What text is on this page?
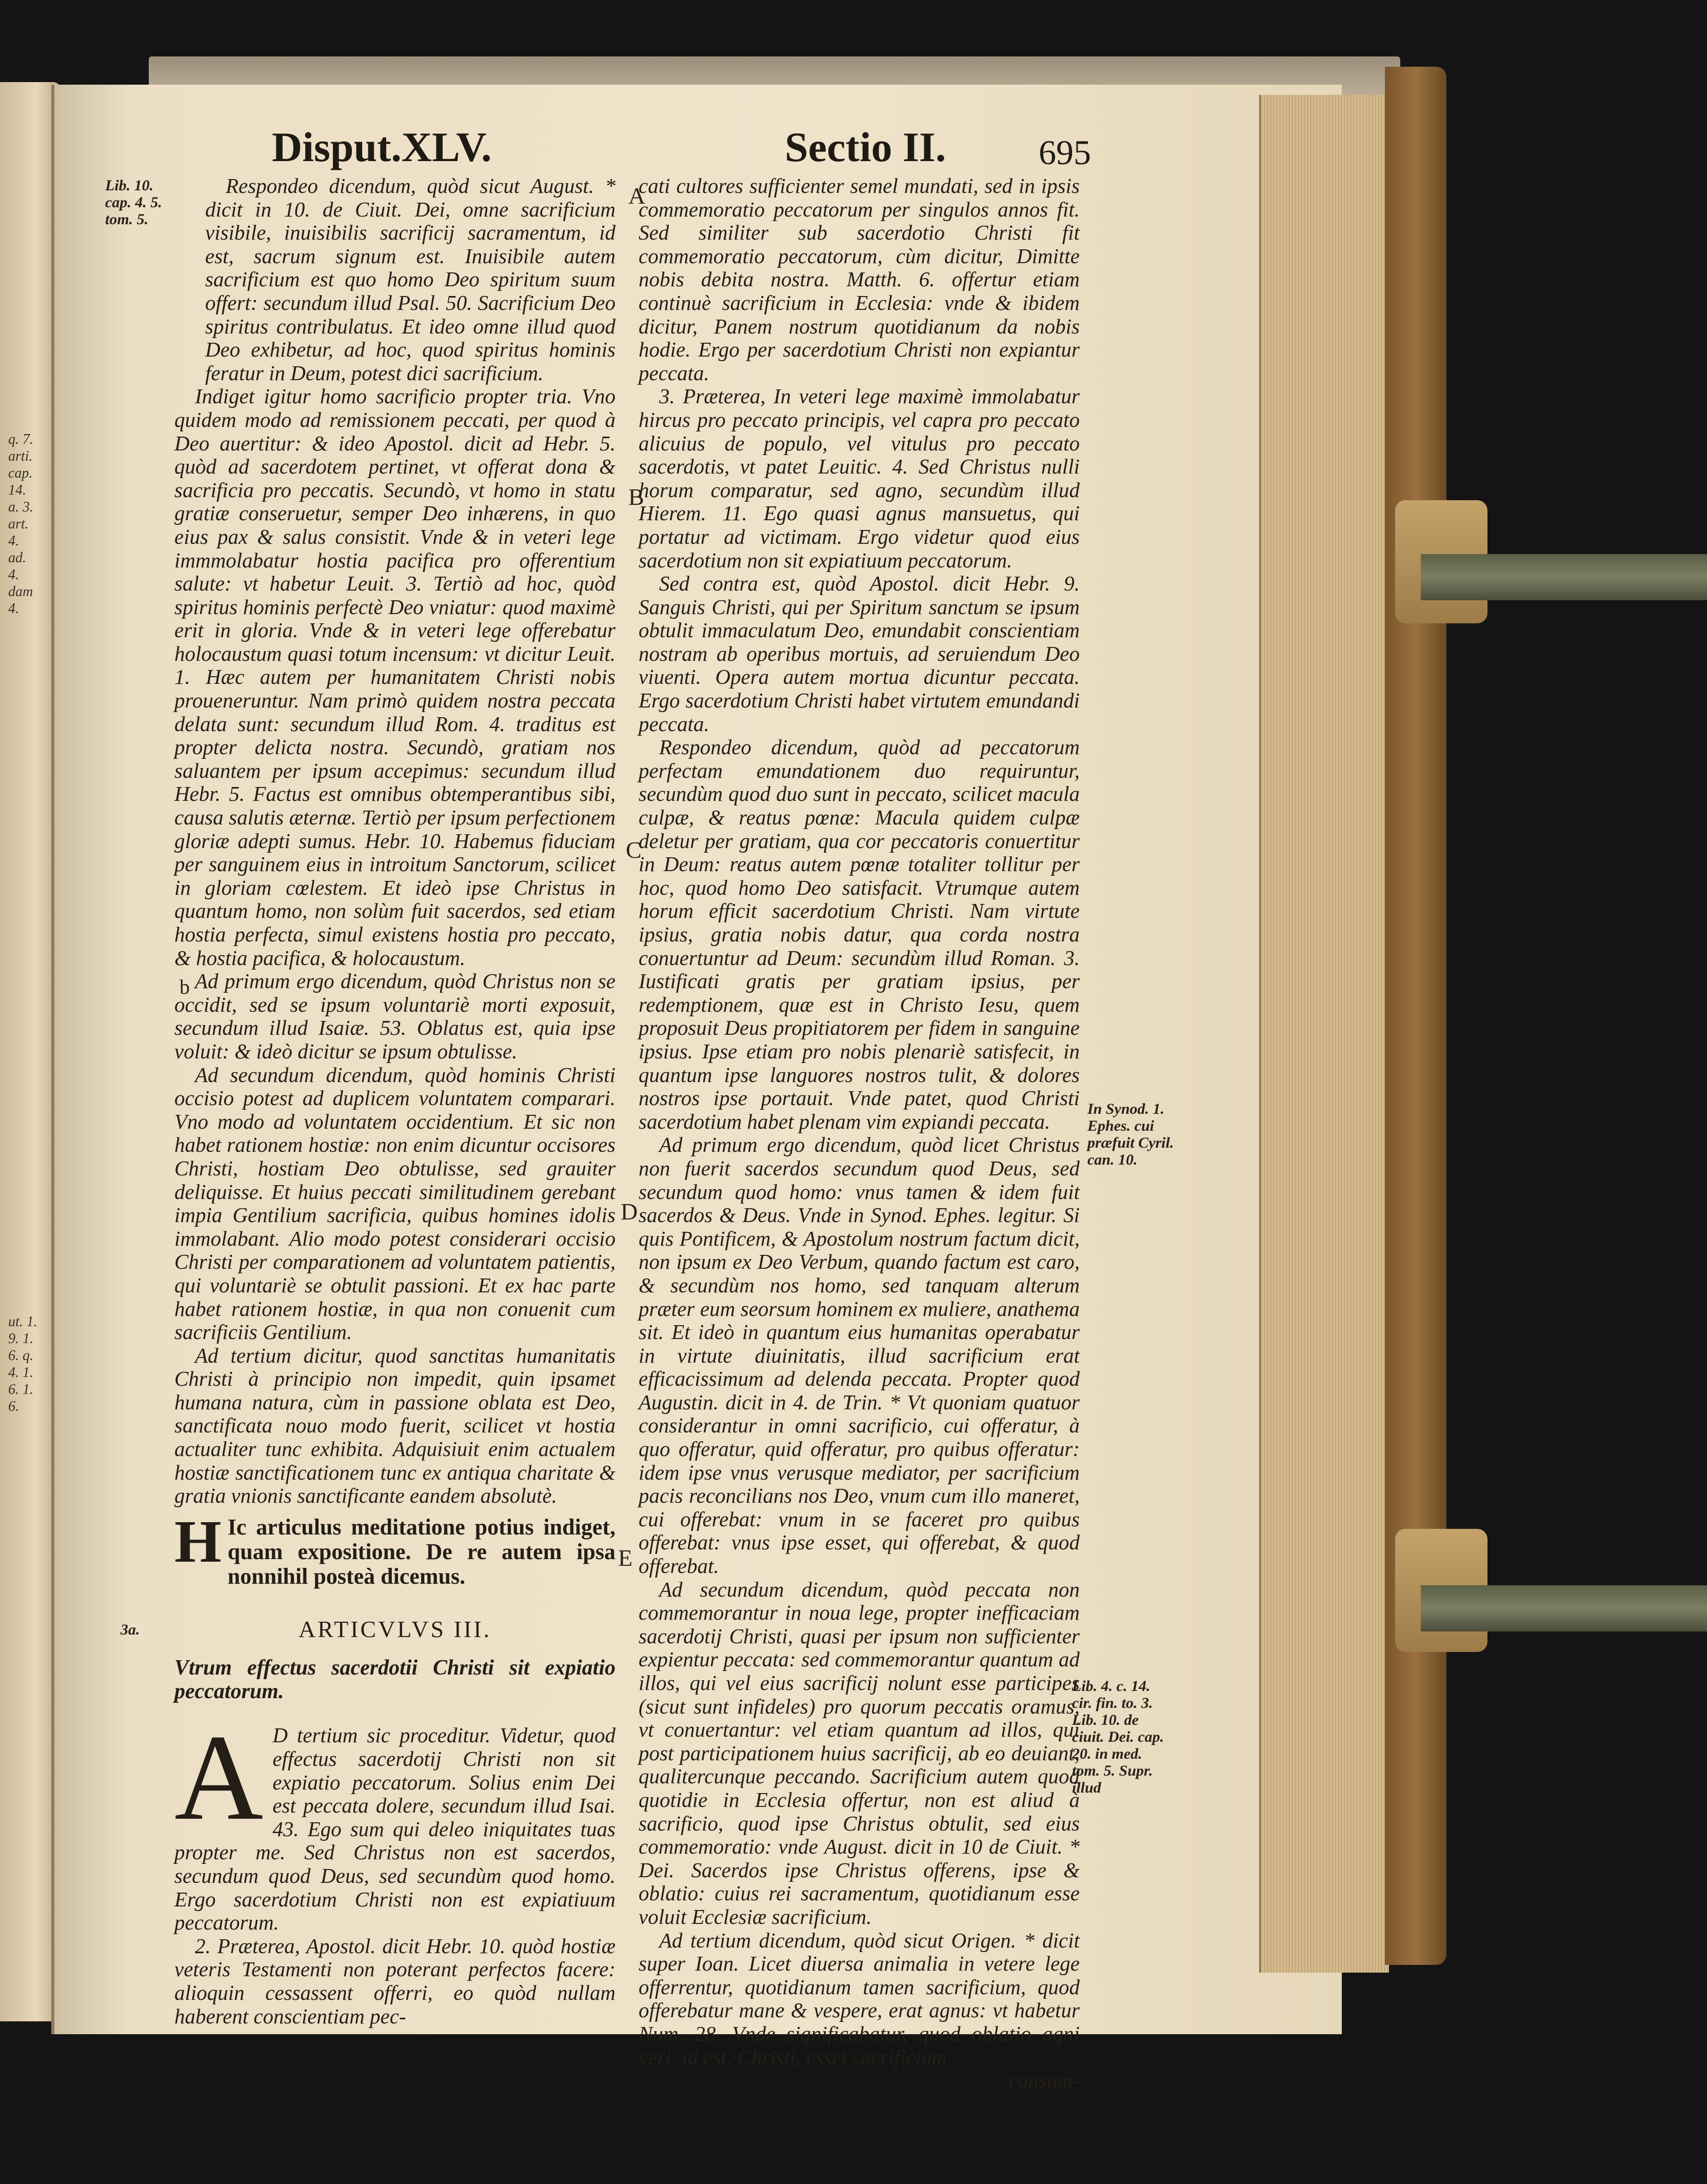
Disput.XLV.	Sectio II.	695
Lib. 10. cap. 4. 5. tom. 5.
q. 7. arti. cap. 14. a. 3. art. 4. ad. 4. dam 4.
ut. 1. 9. 1. 6. q. 4. 1. 6. 1. 6.
3a.
In Synod. 1. Ephes. cui præfuit Cyril. can. 10.
Lib. 4. c. 14. cir. fin. to. 3. Lib. 10. de ciuit. Dei. cap. 20. in med. tom. 5. Supr. illud
A
B
C
D
E
b

Respondeo dicendum, quòd sicut August. * dicit in 10. de Ciuit. Dei, omne sacrificium visibile, inuisibilis sacrificij sacramentum, id est, sacrum signum est. Inuisibile autem sacrificium est quo homo Deo spiritum suum offert: secundum illud Psal. 50. Sacrificium Deo spiritus contribulatus. Et ideo omne illud quod Deo exhibetur, ad hoc, quod spiritus hominis feratur in Deum, potest dici sacrificium.

Indiget igitur homo sacrificio propter tria. Vno quidem modo ad remissionem peccati, per quod à Deo auertitur: & ideo Apostol. dicit ad Hebr. 5. quòd ad sacerdotem pertinet, vt offerat dona & sacrificia pro peccatis. Secundò, vt homo in statu gratiæ conseruetur, semper Deo inhærens, in quo eius pax & salus consistit. Vnde & in veteri lege immmolabatur hostia pacifica pro offerentium salute: vt habetur Leuit. 3. Tertiò ad hoc, quòd spiritus hominis perfectè Deo vniatur: quod maximè erit in gloria. Vnde & in veteri lege offerebatur holocaustum quasi totum incensum: vt dicitur Leuit. 1. Hæc autem per humanitatem Christi nobis proueneruntur. Nam primò quidem nostra peccata delata sunt: secundum illud Rom. 4. traditus est propter delicta nostra. Secundò, gratiam nos saluantem per ipsum accepimus: secundum illud Hebr. 5. Factus est omnibus obtemperantibus sibi, causa salutis æternæ. Tertiò per ipsum perfectionem gloriæ adepti sumus. Hebr. 10. Habemus fiduciam per sanguinem eius in introitum Sanctorum, scilicet in gloriam cœlestem. Et ideò ipse Christus in quantum homo, non solùm fuit sacerdos, sed etiam hostia perfecta, simul existens hostia pro peccato, & hostia pacifica, & holocaustum.

Ad primum ergo dicendum, quòd Christus non se occidit, sed se ipsum voluntariè morti exposuit, secundum illud Isaiæ. 53. Oblatus est, quia ipse voluit: & ideò dicitur se ipsum obtulisse.

Ad secundum dicendum, quòd hominis Christi occisio potest ad duplicem voluntatem comparari. Vno modo ad voluntatem occidentium. Et sic non habet rationem hostiæ: non enim dicuntur occisores Christi, hostiam Deo obtulisse, sed grauiter deliquisse. Et huius peccati similitudinem gerebant impia Gentilium sacrificia, quibus homines idolis immolabant. Alio modo potest considerari occisio Christi per comparationem ad voluntatem patientis, qui voluntariè se obtulit passioni. Et ex hac parte habet rationem hostiæ, in qua non conuenit cum sacrificiis Gentilium.

Ad tertium dicitur, quod sanctitas humanitatis Christi à principio non impedit, quin ipsamet humana natura, cùm in passione oblata est Deo, sanctificata nouo modo fuerit, scilicet vt hostia actualiter tunc exhibita. Adquisiuit enim actualem hostiæ sanctificationem tunc ex antiqua charitate & gratia vnionis sanctificante eandem absolutè.

H Ic articulus meditatione potius indiget, quam expositione. De re autem ipsa nonnihil posteà dicemus.
ARTICVLVS III.
Vtrum effectus sacerdotii Christi sit expiatio peccatorum.

A D tertium sic proceditur. Videtur, quod effectus sacerdotij Christi non sit expiatio peccatorum. Solius enim Dei est peccata dolere, secundum illud Isai. 43. Ego sum qui deleo iniquitates tuas propter me. Sed Christus non est sacerdos, secundum quod Deus, sed secundùm quod homo. Ergo sacerdotium Christi non est expiatiuum peccatorum.

2. Præterea, Apostol. dicit Hebr. 10. quòd hostiæ veteris Testamenti non poterant perfectos facere: alioquin cessassent offerri, eo quòd nullam haberent conscientiam pec-

cati cultores sufficienter semel mundati, sed in ipsis commemoratio peccatorum per singulos annos fit. Sed similiter sub sacerdotio Christi fit commemoratio peccatorum, cùm dicitur, Dimitte nobis debita nostra. Matth. 6. offertur etiam continuè sacrificium in Ecclesia: vnde & ibidem dicitur, Panem nostrum quotidianum da nobis hodie. Ergo per sacerdotium Christi non expiantur peccata.

3. Præterea, In veteri lege maximè immolabatur hircus pro peccato principis, vel capra pro peccato alicuius de populo, vel vitulus pro peccato sacerdotis, vt patet Leuitic. 4. Sed Christus nulli horum comparatur, sed agno, secundùm illud Hierem. 11. Ego quasi agnus mansuetus, qui portatur ad victimam. Ergo videtur quod eius sacerdotium non sit expiatiuum peccatorum.

Sed contra est, quòd Apostol. dicit Hebr. 9. Sanguis Christi, qui per Spiritum sanctum se ipsum obtulit immaculatum Deo, emundabit conscientiam nostram ab operibus mortuis, ad seruiendum Deo viuenti. Opera autem mortua dicuntur peccata. Ergo sacerdotium Christi habet virtutem emundandi peccata.

Respondeo dicendum, quòd ad peccatorum perfectam emundationem duo requiruntur, secundùm quod duo sunt in peccato, scilicet macula culpæ, & reatus pœnæ: Macula quidem culpæ deletur per gratiam, qua cor peccatoris conuertitur in Deum: reatus autem pœnæ totaliter tollitur per hoc, quod homo Deo satisfacit. Vtrumque autem horum efficit sacerdotium Christi. Nam virtute ipsius, gratia nobis datur, qua corda nostra conuertuntur ad Deum: secundùm illud Roman. 3. Iustificati gratis per gratiam ipsius, per redemptionem, quæ est in Christo Iesu, quem proposuit Deus propitiatorem per fidem in sanguine ipsius. Ipse etiam pro nobis plenariè satisfecit, in quantum ipse languores nostros tulit, & dolores nostros ipse portauit. Vnde patet, quod Christi sacerdotium habet plenam vim expiandi peccata.

Ad primum ergo dicendum, quòd licet Christus non fuerit sacerdos secundum quod Deus, sed secundum quod homo: vnus tamen & idem fuit sacerdos & Deus. Vnde in Synod. Ephes. legitur. Si quis Pontificem, & Apostolum nostrum factum dicit, non ipsum ex Deo Verbum, quando factum est caro, & secundùm nos homo, sed tanquam alterum præter eum seorsum hominem ex muliere, anathema sit. Et ideò in quantum eius humanitas operabatur in virtute diuinitatis, illud sacrificium erat efficacissimum ad delenda peccata. Propter quod Augustin. dicit in 4. de Trin. * Vt quoniam quatuor considerantur in omni sacrificio, cui offeratur, à quo offeratur, quid offeratur, pro quibus offeratur: idem ipse vnus verusque mediator, per sacrificium pacis reconcilians nos Deo, vnum cum illo maneret, cui offerebat: vnum in se faceret pro quibus offerebat: vnus ipse esset, qui offerebat, & quod offerebat.

Ad secundum dicendum, quòd peccata non commemorantur in noua lege, propter inefficaciam sacerdotij Christi, quasi per ipsum non sufficienter expientur peccata: sed commemorantur quantum ad illos, qui vel eius sacrificij nolunt esse participes (sicut sunt infideles) pro quorum peccatis oramus, vt conuertantur: vel etiam quantum ad illos, qui post participationem huius sacrificij, ab eo deuiant, qualitercunque peccando. Sacrificium autem quod quotidie in Ecclesia offertur, non est aliud à sacrificio, quod ipse Christus obtulit, sed eius commemoratio: vnde August. dicit in 10 de Ciuit. * Dei. Sacerdos ipse Christus offerens, ipse & oblatio: cuius rei sacramentum, quotidianum esse voluit Ecclesiæ sacrificium.

Ad tertium dicendum, quòd sicut Origen. * dicit super Ioan. Licet diuersa animalia in vetere lege offerrentur, quotidianum tamen sacrificium, quod offerebatur mane & vespere, erat agnus: vt habetur Num. 28. Vnde significabatur, quod oblatio agni veri, id est, Christi, esset sacrificium

consum-
